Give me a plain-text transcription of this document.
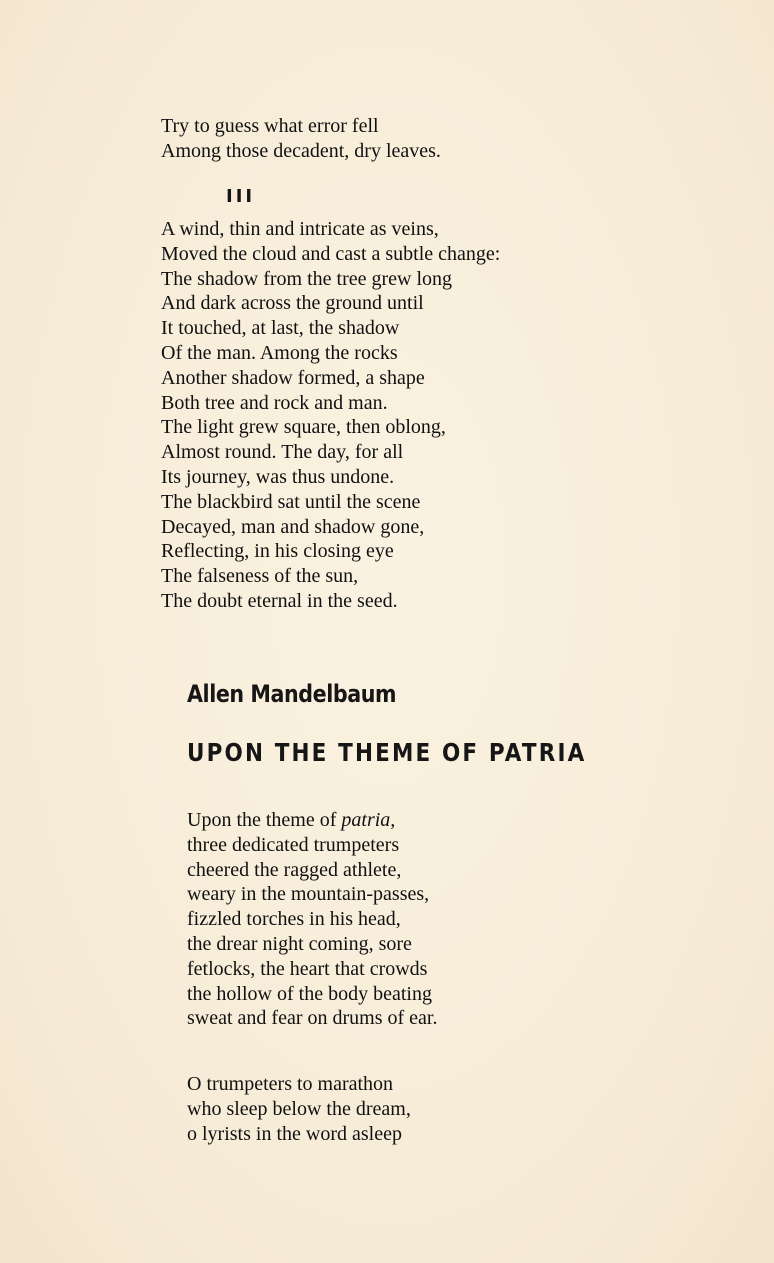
Try to guess what error fell
Among those decadent, dry leaves.
III
A wind, thin and intricate as veins,
Moved the cloud and cast a subtle change:
The shadow from the tree grew long
And dark across the ground until
It touched, at last, the shadow
Of the man. Among the rocks
Another shadow formed, a shape
Both tree and rock and man.
The light grew square, then oblong,
Almost round. The day, for all
Its journey, was thus undone.
The blackbird sat until the scene
Decayed, man and shadow gone,
Reflecting, in his closing eye
The falseness of the sun,
The doubt eternal in the seed.
Allen Mandelbaum
UPON THE THEME OF PATRIA
Upon the theme of patria,
three dedicated trumpeters
cheered the ragged athlete,
weary in the mountain-passes,
fizzled torches in his head,
the drear night coming, sore
fetlocks, the heart that crowds
the hollow of the body beating
sweat and fear on drums of ear.
O trumpeters to marathon
who sleep below the dream,
o lyrists in the word asleep
